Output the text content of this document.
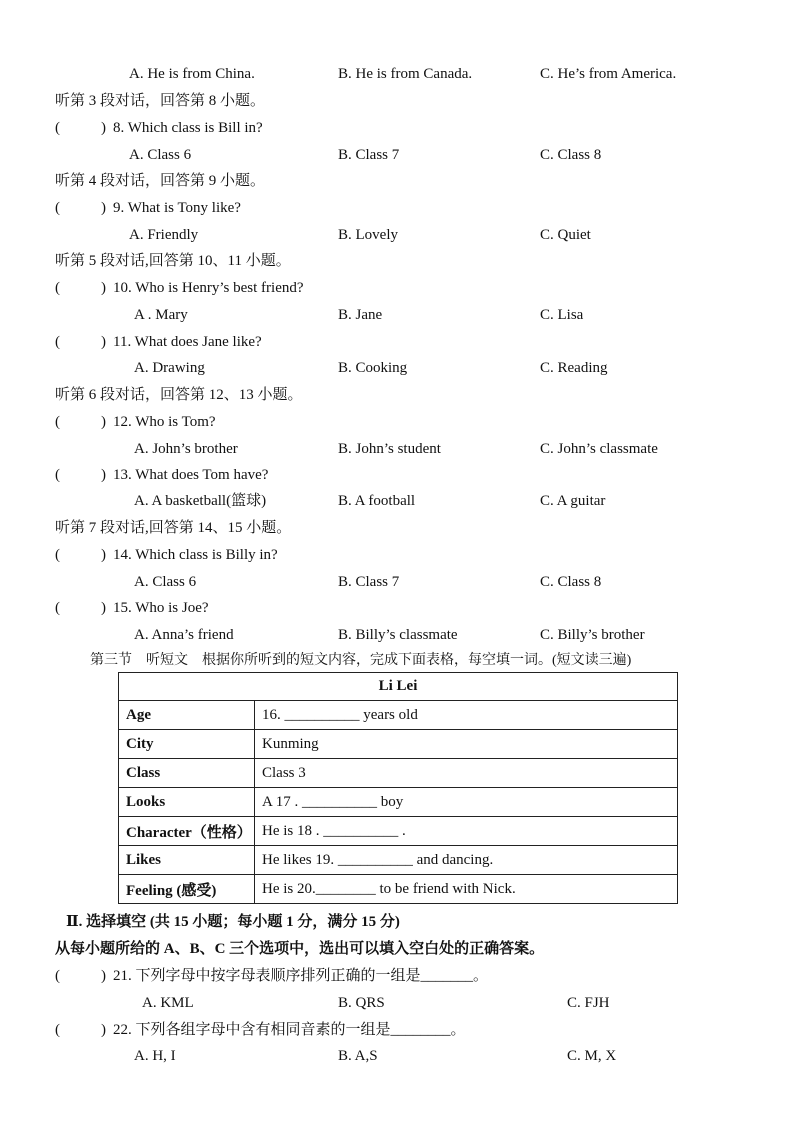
A. He is from China.	B. He is from Canada.	C. He’s from America.
听第 3 段对话，回答第 8 小题。
(	) 8. Which class is Bill in?
A. Class 6	B. Class 7	C. Class 8
听第 4 段对话，回答第 9 小题。
(	) 9. What is Tony like?
A. Friendly	B. Lovely	C. Quiet
听第 5 段对话,回答第 10、11 小题。
(	) 10. Who is Henry’s best friend?
A . Mary	B. Jane	C. Lisa
(	) 11. What does Jane like?
A. Drawing	B. Cooking	C. Reading
听第 6 段对话，回答第 12、13 小题。
(	) 12. Who is Tom?
A. John’s brother	B. John’s student	C. John’s classmate
(	) 13. What does Tom have?
A. A basketball(篮球)	B. A football	C. A guitar
听第 7 段对话,回答第 14、15 小题。
(	) 14. Which class is Billy in?
A. Class 6	B. Class 7	C. Class 8
(	) 15. Who is Joe?
A. Anna’s friend	B. Billy’s classmate	C. Billy’s brother
第三节　听短文　根据你所听到的短文内容，完成下面表格，每空填一词。(短文读三遍)
Li Lei	
Age	16. __________ years old
City	Kunming
Class	Class 3
Looks	A 17 . __________ boy
Character（性格）	He is 18 . __________ .
Likes	He likes 19. __________ and dancing.
Feeling (感受)	He is 20.________ to be friend with Nick.
Ⅱ. 选择填空 (共 15 小题；每小题 1 分，满分 15 分)
从每小题所给的 A、B、C 三个选项中，选出可以填入空白处的正确答案。
(	) 21. 下列字母中按字母表顺序排列正确的一组是_______。
A. KML	B. QRS	C. FJH
(	) 22. 下列各组字母中含有相同音素的一组是________。
A. H, I	B. A,S	C. M, X
